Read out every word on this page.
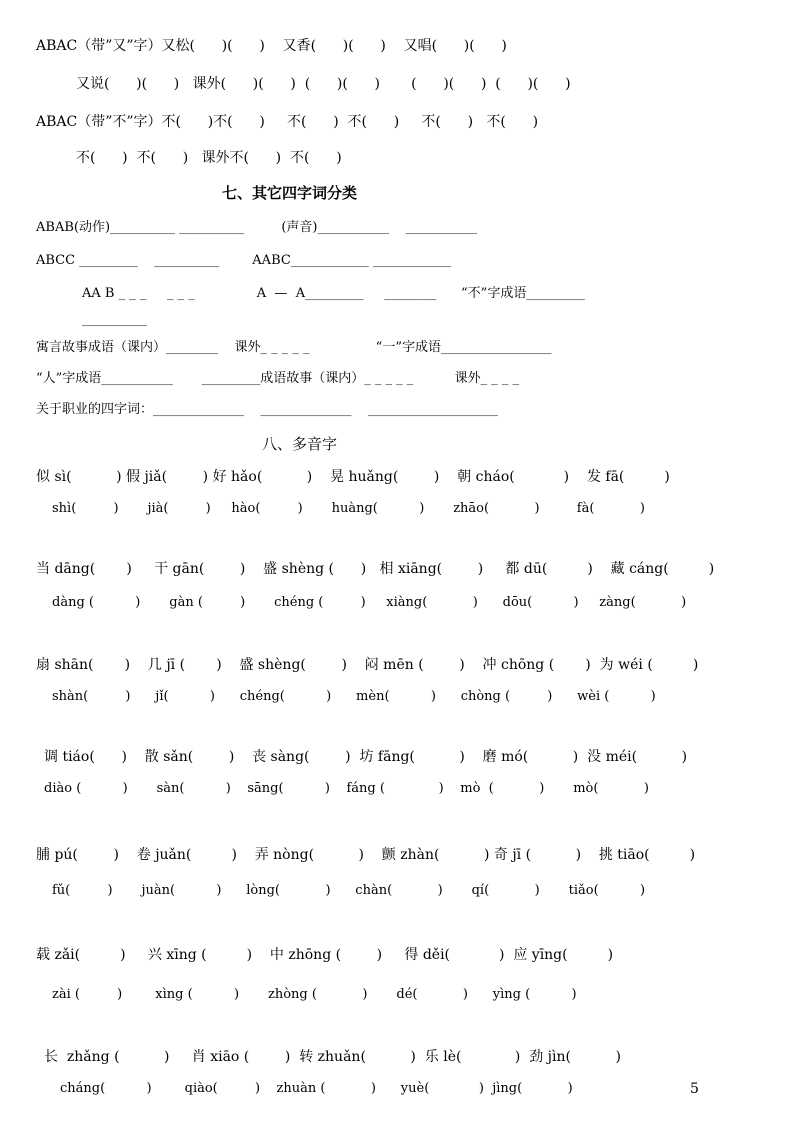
ABAC（带”又”字）又松(      )(      )    又香(      )(      )    又唱(      )(      )
又说(      )(      )   课外(      )(      )  (      )(      )       (      )(      )  (      )(      )
ABAC（带”不”字）不(      )不(      )     不(      )  不(      )     不(      )   不(      )
不(      )  不(      )   课外不(      )  不(      )
七、其它四字词分类
ABAB(动作)__________ __________         (声音)___________    ___________
ABCC _________    __________        AABC____________ ____________
AA B _ _ _     _ _ _               A  —  A_________     ________      “不”字成语_________
__________
寓言故事成语（课内）________    课外_ _ _ _ _                “一”字成语_________________
“人”字成语___________       _________成语故事（课内）_ _ _ _ _          课外_ _ _ _
关于职业的四字词：______________    ______________    ____________________
八、多音字
似 sì(          ) 假 jiǎ(        ) 好 hǎo(          )    晃 huǎng(        )    朝 cháo(           )    发 fā(         )
shì(         )       jià(         )     hào(         )       huàng(          )       zhāo(           )         fà(           )
当 dāng(       )     干 gān(        )    盛 shèng (      )   相 xiāng(        )     都 dū(         )    藏 cáng(         )
dàng (          )       gàn (         )       chéng (         )     xiàng(           )      dōu(          )     zàng(           )
扇 shān(       )    几 jī (       )    盛 shèng(        )    闷 mēn (        )    冲 chōng (       )  为 wéi (         )
shàn(         )      jǐ(          )      chéng(          )      mèn(          )      chòng (         )      wèi (          )
调 tiáo(      )    散 sǎn(        )    丧 sàng(        )  坊 fāng(          )    磨 mó(          )  没 méi(          )
diào (          )       sàn(          )    sāng(          )    fáng (             )    mò  (           )       mò(           )
脯 pú(        )    卷 juǎn(         )    弄 nòng(          )    颤 zhàn(          ) 奇 jī (          )    挑 tiāo(         )
fǔ(         )       juàn(          )      lòng(           )      chàn(           )       qí(           )       tiǎo(          )
载 zǎi(         )     兴 xīng (         )    中 zhōng (        )     得 děi(           )  应 yīng(         )
zài (         )        xìng (          )       zhòng (           )       dé(           )      yìng (          )
长  zhǎng (          )     肖 xiāo (        )  转 zhuǎn(          )  乐 lè(            )  劲 jìn(          )
cháng(          )        qiào(         )    zhuàn (           )      yuè(            )  jìng(           )	5
